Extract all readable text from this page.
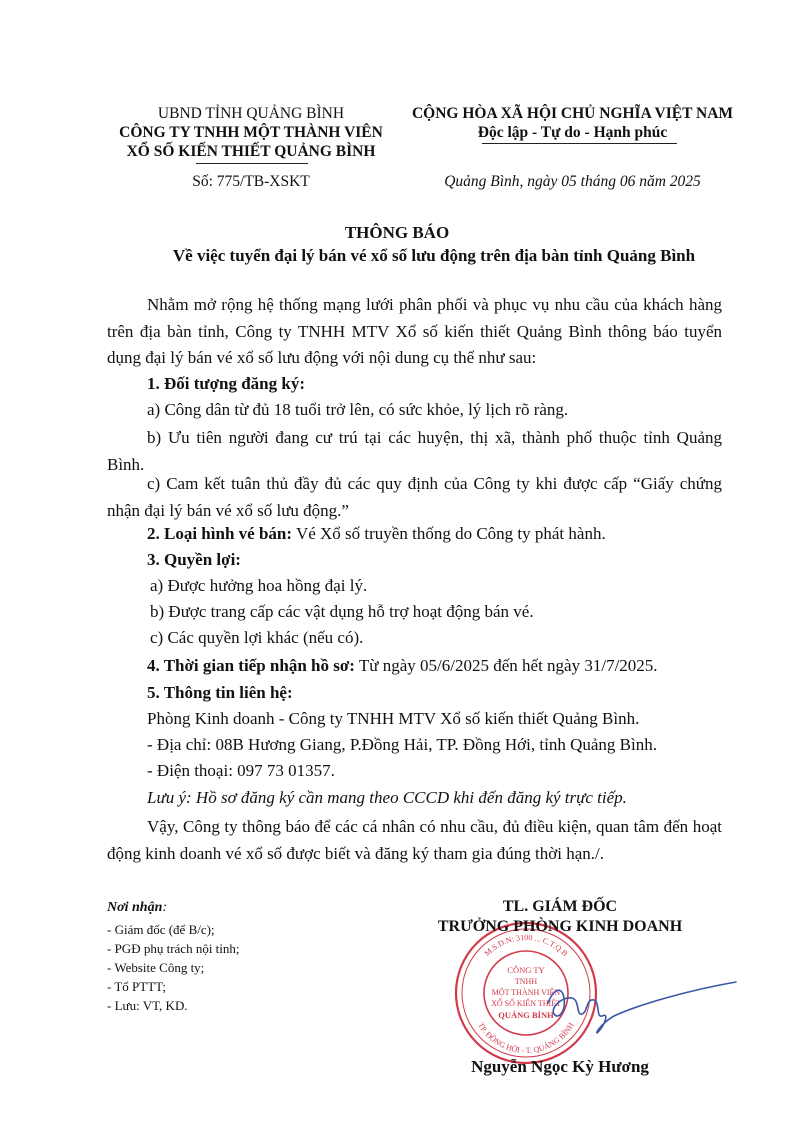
UBND TỈNH QUẢNG BÌNH
CÔNG TY TNHH MỘT THÀNH VIÊN
XỔ SỐ KIẾN THIẾT QUẢNG BÌNH
Số: 775/TB-XSKT
CỘNG HÒA XÃ HỘI CHỦ NGHĨA VIỆT NAM
Độc lập - Tự do - Hạnh phúc
Quảng Bình, ngày 05 tháng 06 năm 2025
THÔNG BÁO
Về việc tuyển đại lý bán vé xổ số lưu động trên địa bàn tỉnh Quảng Bình
Nhằm mở rộng hệ thống mạng lưới phân phối và phục vụ nhu cầu của khách hàng trên địa bàn tỉnh, Công ty TNHH MTV Xổ số kiến thiết Quảng Bình thông báo tuyển dụng đại lý bán vé xổ số lưu động với nội dung cụ thể như sau:
1. Đối tượng đăng ký:
a) Công dân từ đủ 18 tuổi trở lên, có sức khỏe, lý lịch rõ ràng.
b) Ưu tiên người đang cư trú tại các huyện, thị xã, thành phố thuộc tỉnh Quảng Bình.
c) Cam kết tuân thủ đầy đủ các quy định của Công ty khi được cấp “Giấy chứng nhận đại lý bán vé xổ số lưu động.”
2. Loại hình vé bán: Vé Xổ số truyền thống do Công ty phát hành.
3. Quyền lợi:
a) Được hưởng hoa hồng đại lý.
b) Được trang cấp các vật dụng hỗ trợ hoạt động bán vé.
c) Các quyền lợi khác (nếu có).
4. Thời gian tiếp nhận hồ sơ: Từ ngày 05/6/2025 đến hết ngày 31/7/2025.
5. Thông tin liên hệ:
Phòng Kinh doanh - Công ty TNHH MTV Xổ số kiến thiết Quảng Bình.
- Địa chỉ: 08B Hương Giang, P.Đồng Hải, TP. Đồng Hới, tỉnh Quảng Bình.
- Điện thoại: 097 73 01357.
Lưu ý: Hồ sơ đăng ký cần mang theo CCCD khi đến đăng ký trực tiếp.
Vậy, Công ty thông báo để các cá nhân có nhu cầu, đủ điều kiện, quan tâm đến hoạt động kinh doanh vé xổ số được biết và đăng ký tham gia đúng thời hạn./.
Nơi nhận:
- Giám đốc (để B/c);
- PGĐ phụ trách nội tỉnh;
- Website Công ty;
- Tổ PTTT;
- Lưu: VT, KD.
M.S.D.N: 3100 ... C.T.Q.B
TP. ĐỒNG HỚI - T. QUẢNG BÌNH
CÔNG TY
TNHH
MỘT THÀNH VIÊN
XỔ SỐ KIẾN THIẾT
QUẢNG BÌNH
TL. GIÁM ĐỐC
TRƯỞNG PHÒNG KINH DOANH
Nguyễn Ngọc Kỳ Hương
